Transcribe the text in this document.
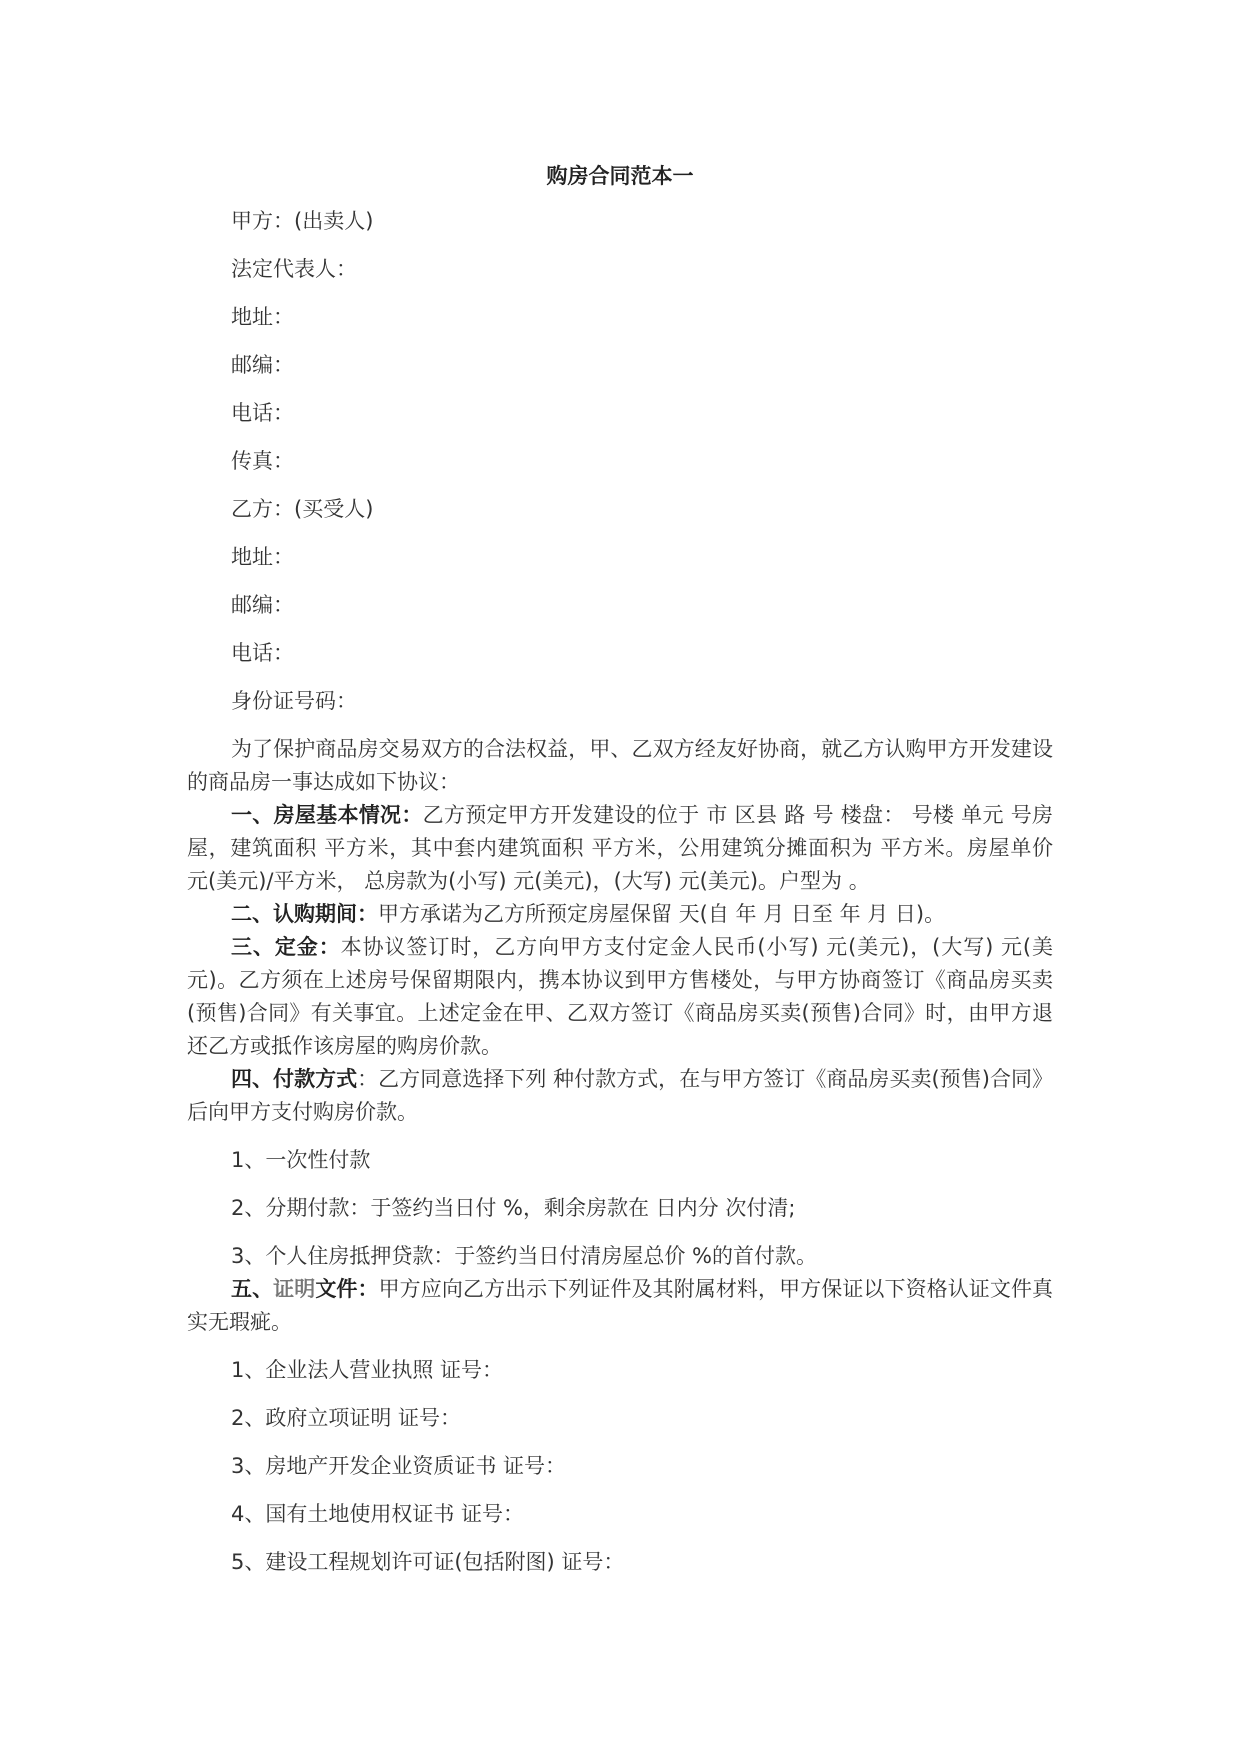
购房合同范本一

甲方：(出卖人)

法定代表人：

地址：

邮编：

电话：

传真：

乙方：(买受人)

地址：

邮编：

电话：

身份证号码：

为了保护商品房交易双方的合法权益，甲、乙双方经友好协商，就乙方认购甲方开发建设的商品房一事达成如下协议：

一、房屋基本情况：乙方预定甲方开发建设的位于 市 区县 路 号 楼盘： 号楼 单元 号房屋，建筑面积 平方米，其中套内建筑面积 平方米，公用建筑分摊面积为 平方米。房屋单价 元(美元)/平方米， 总房款为(小写) 元(美元)，(大写) 元(美元)。户型为 。

二、认购期间：甲方承诺为乙方所预定房屋保留 天(自 年 月 日至 年 月 日)。

三、定金：本协议签订时，乙方向甲方支付定金人民币(小写) 元(美元)，(大写) 元(美元)。乙方须在上述房号保留期限内，携本协议到甲方售楼处，与甲方协商签订《商品房买卖(预售)合同》有关事宜。上述定金在甲、乙双方签订《商品房买卖(预售)合同》时，由甲方退还乙方或抵作该房屋的购房价款。

四、付款方式：乙方同意选择下列 种付款方式，在与甲方签订《商品房买卖(预售)合同》后向甲方支付购房价款。

1、一次性付款

2、分期付款：于签约当日付 %，剩余房款在 日内分 次付清;

3、个人住房抵押贷款：于签约当日付清房屋总价 %的首付款。

五、证明文件：甲方应向乙方出示下列证件及其附属材料，甲方保证以下资格认证文件真实无瑕疵。

1、企业法人营业执照 证号：

2、政府立项证明 证号：

3、房地产开发企业资质证书 证号：

4、国有土地使用权证书 证号：

5、建设工程规划许可证(包括附图) 证号：
